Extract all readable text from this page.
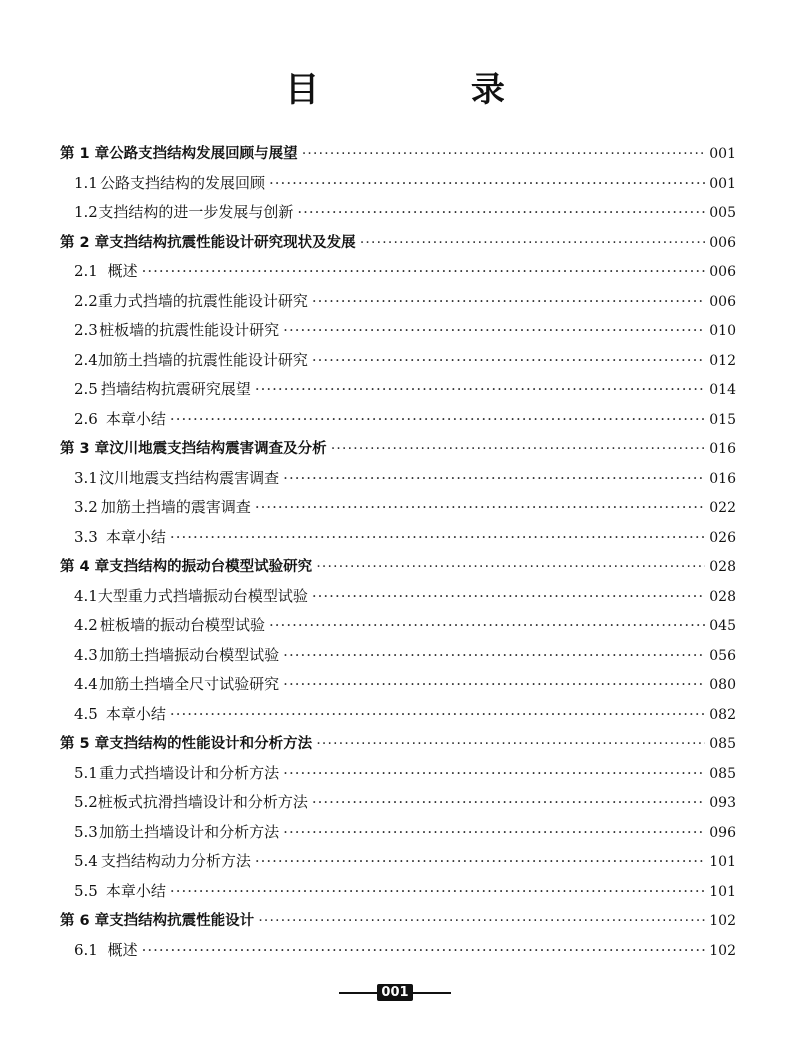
目 录
第 1 章 公路支挡结构发展回顾与展望 ·····	001
1.1 公路支挡结构的发展回顾 ·····	001
1.2 支挡结构的进一步发展与创新 ·····	005
第 2 章 支挡结构抗震性能设计研究现状及发展 ·····	006
2.1 概述 ·····	006
2.2 重力式挡墙的抗震性能设计研究 ·····	006
2.3 桩板墙的抗震性能设计研究 ·····	010
2.4 加筋土挡墙的抗震性能设计研究 ·····	012
2.5 挡墙结构抗震研究展望 ·····	014
2.6 本章小结 ·····	015
第 3 章 汶川地震支挡结构震害调查及分析 ·····	016
3.1 汶川地震支挡结构震害调查 ·····	016
3.2 加筋土挡墙的震害调查 ·····	022
3.3 本章小结 ·····	026
第 4 章 支挡结构的振动台模型试验研究 ·····	028
4.1 大型重力式挡墙振动台模型试验 ·····	028
4.2 桩板墙的振动台模型试验 ·····	045
4.3 加筋土挡墙振动台模型试验 ·····	056
4.4 加筋土挡墙全尺寸试验研究 ·····	080
4.5 本章小结 ·····	082
第 5 章 支挡结构的性能设计和分析方法 ·····	085
5.1 重力式挡墙设计和分析方法 ·····	085
5.2 桩板式抗滑挡墙设计和分析方法 ·····	093
5.3 加筋土挡墙设计和分析方法 ·····	096
5.4 支挡结构动力分析方法 ·····	101
5.5 本章小结 ·····	101
第 6 章 支挡结构抗震性能设计 ·····	102
6.1 概述 ·····	102
001
